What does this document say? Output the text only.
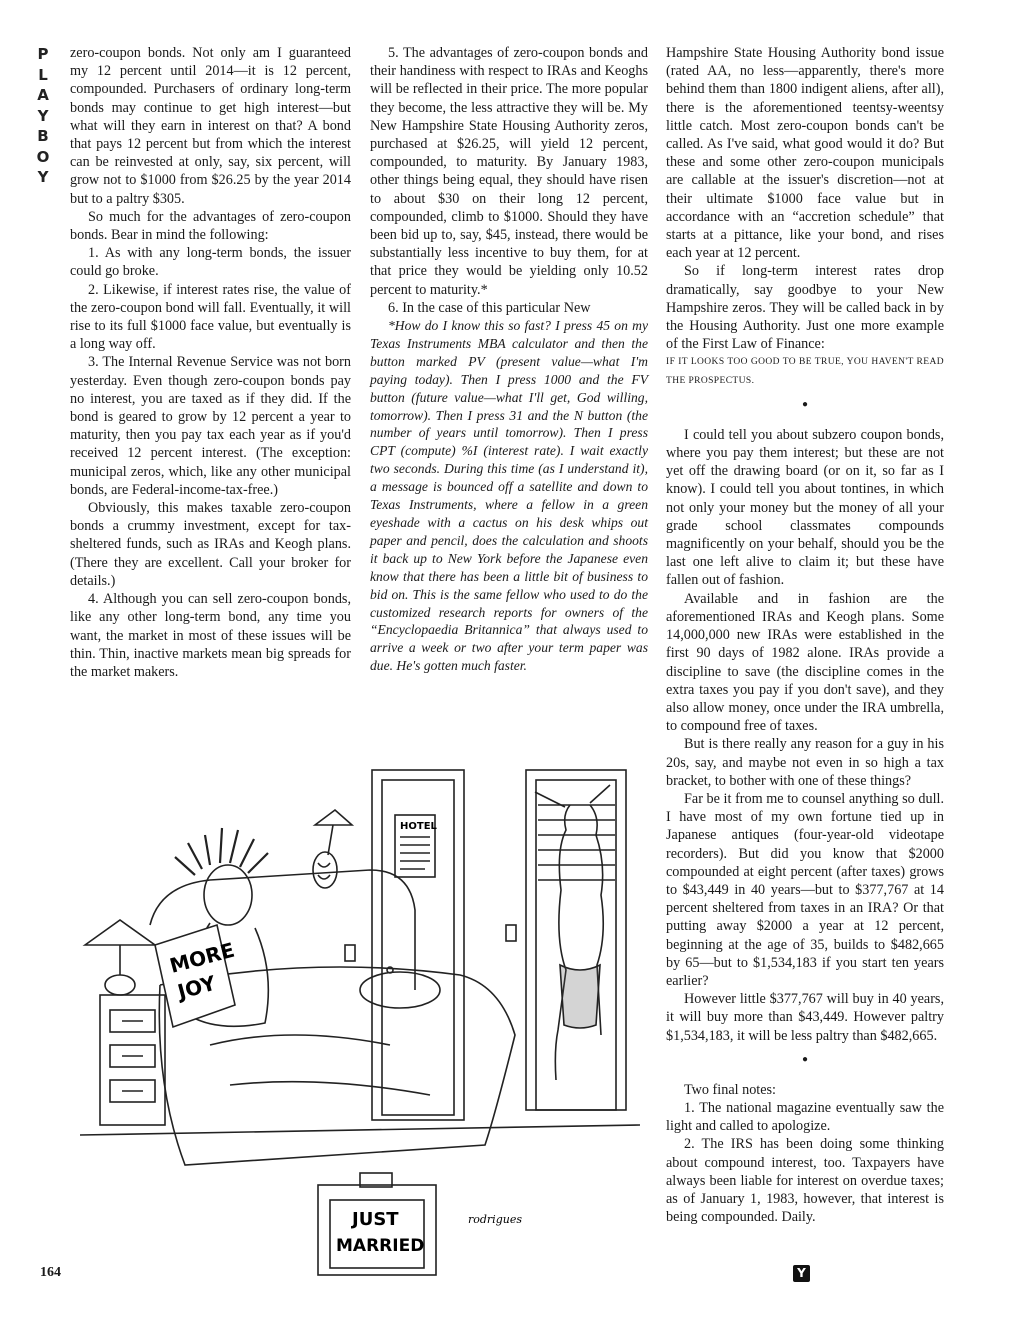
P
L
A
Y
B
O
Y

zero-coupon bonds. Not only am I guaranteed my 12 percent until 2014—it is 12 percent, compounded. Purchasers of ordinary long-term bonds may continue to get high interest—but what will they earn in interest on that? A bond that pays 12 percent but from which the interest can be reinvested at only, say, six percent, will grow not to $1000 from $26.25 by the year 2014 but to a paltry $305.

So much for the advantages of zero-coupon bonds. Bear in mind the following:

1. As with any long-term bonds, the issuer could go broke.

2. Likewise, if interest rates rise, the value of the zero-coupon bond will fall. Eventually, it will rise to its full $1000 face value, but eventually is a long way off.

3. The Internal Revenue Service was not born yesterday. Even though zero-coupon bonds pay no interest, you are taxed as if they did. If the bond is geared to grow by 12 percent a year to maturity, then you pay tax each year as if you'd received 12 percent interest. (The exception: municipal zeros, which, like any other municipal bonds, are Federal-income-tax-free.)

Obviously, this makes taxable zero-coupon bonds a crummy investment, except for tax-sheltered funds, such as IRAs and Keogh plans. (There they are excellent. Call your broker for details.)

4. Although you can sell zero-coupon bonds, like any other long-term bond, any time you want, the market in most of these issues will be thin. Thin, inactive markets mean big spreads for the market makers.

5. The advantages of zero-coupon bonds and their handiness with respect to IRAs and Keoghs will be reflected in their price. The more popular they become, the less attractive they will be. My New Hampshire State Housing Authority zeros, purchased at $26.25, will yield 12 percent, compounded, to maturity. By January 1983, other things being equal, they should have risen to about $30 on their long 12 percent, compounded, climb to $1000. Should they have been bid up to, say, $45, instead, there would be substantially less incentive to buy them, for at that price they would be yielding only 10.52 percent to maturity.*

6. In the case of this particular New

*How do I know this so fast? I press 45 on my Texas Instruments MBA calculator and then the button marked PV (present value—what I'm paying today). Then I press 1000 and the FV button (future value—what I'll get, God willing, tomorrow). Then I press 31 and the N button (the number of years until tomorrow). Then I press CPT (compute) %I (interest rate). I wait exactly two seconds. During this time (as I understand it), a message is bounced off a satellite and down to Texas Instruments, where a fellow in a green eyeshade with a cactus on his desk whips out paper and pencil, does the calculation and shoots it back up to New York before the Japanese even know that there has been a little bit of business to bid on. This is the same fellow who used to do the customized research reports for owners of the “Encyclopaedia Britannica” that always used to arrive a week or two after your term paper was due. He's gotten much faster.

Hampshire State Housing Authority bond issue (rated AA, no less—apparently, there's more behind them than 1800 indigent aliens, after all), there is the aforementioned teentsy-weentsy little catch. Most zero-coupon bonds can't be called. As I've said, what good would it do? But these and some other zero-coupon municipals are callable at the issuer's discretion—not at their ultimate $1000 face value but in accordance with an “accretion schedule” that starts at a pittance, like your bond, and rises each year at 12 percent.

So if long-term interest rates drop dramatically, say goodbye to your New Hampshire zeros. They will be called back in by the Housing Authority. Just one more example of the First Law of Finance:

IF IT LOOKS TOO GOOD TO BE TRUE, YOU HAVEN'T READ THE PROSPECTUS.

●

I could tell you about subzero coupon bonds, where you pay them interest; but these are not yet off the drawing board (or on it, so far as I know). I could tell you about tontines, in which not only your money but the money of all your grade school classmates compounds magnificently on your behalf, should you be the last one left alive to claim it; but these have fallen out of fashion.

Available and in fashion are the aforementioned IRAs and Keogh plans. Some 14,000,000 new IRAs were established in the first 90 days of 1982 alone. IRAs provide a discipline to save (the discipline comes in the extra taxes you pay if you don't save), and they also allow money, once under the IRA umbrella, to compound free of taxes.

But is there really any reason for a guy in his 20s, say, and maybe not even in so high a tax bracket, to bother with one of these things?

Far be it from me to counsel anything so dull. I have most of my own fortune tied up in Japanese antiques (four-year-old videotape recorders). But did you know that $2000 compounded at eight percent (after taxes) grows to $43,449 in 40 years—but to $377,767 at 14 percent sheltered from taxes in an IRA? Or that putting away $2000 a year at 12 percent, beginning at the age of 35, builds to $482,665 by 65—but to $1,534,183 if you start ten years earlier?

However little $377,767 will buy in 40 years, it will buy more than $43,449. However paltry $1,534,183, it will be less paltry than $482,665.

●

Two final notes:

1. The national magazine eventually saw the light and called to apologize.

2. The IRS has been doing some thinking about compound interest, too. Taxpayers have always been liable for interest on overdue taxes; as of January 1, 1983, however, that interest is being compounded. Daily.

MORE
JOY
JUST
MARRIED
HOTEL
rodrigues
164	Y
